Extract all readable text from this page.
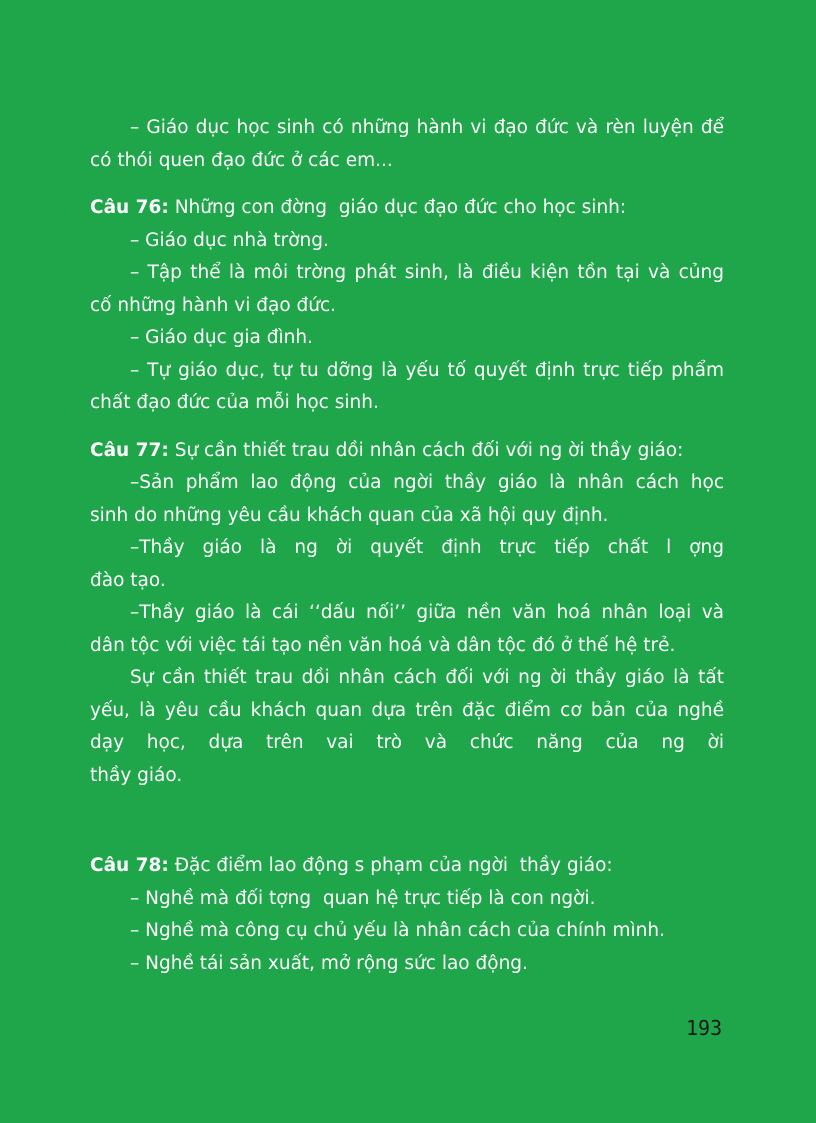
– Giáo dục học sinh có những hành vi đạo đức và rèn luyện để
có thói quen đạo đức ở các em...
Câu 76: Những con đờng  giáo dục đạo đức cho học sinh:
– Giáo dục nhà trờng.
– Tập thể là môi trờng phát sinh, là điều kiện tồn tại và củng
cố những hành vi đạo đức.
– Giáo dục gia đình.
– Tự giáo dục, tự tu dỡng là yếu tố quyết định trực tiếp phẩm
chất đạo đức của mỗi học sinh.
Câu 77: Sự cần thiết trau dồi nhân cách đối với ng ời thầy giáo:
–Sản phẩm lao động của ngời thầy giáo là nhân cách học
sinh do những yêu cầu khách quan của xã hội quy định.
–Thầy giáo là ng ời quyết định trực tiếp chất l ợng
đào tạo.
–Thầy giáo là cái ‘‘dấu nối’’ giữa nền văn hoá nhân loại và
dân tộc với việc tái tạo nền văn hoá và dân tộc đó ở thế hệ trẻ.
Sự cần thiết trau dồi nhân cách đối với ng ời thầy giáo là tất
yếu, là yêu cầu khách quan dựa trên đặc điểm cơ bản của nghề
dạy học, dựa trên vai trò và chức năng của ng ời
thầy giáo.
Câu 78: Đặc điểm lao động s phạm của ngời  thầy giáo:
– Nghề mà đối tợng  quan hệ trực tiếp là con ngời.
– Nghề mà công cụ chủ yếu là nhân cách của chính mình.
– Nghề tái sản xuất, mở rộng sức lao động.
193
